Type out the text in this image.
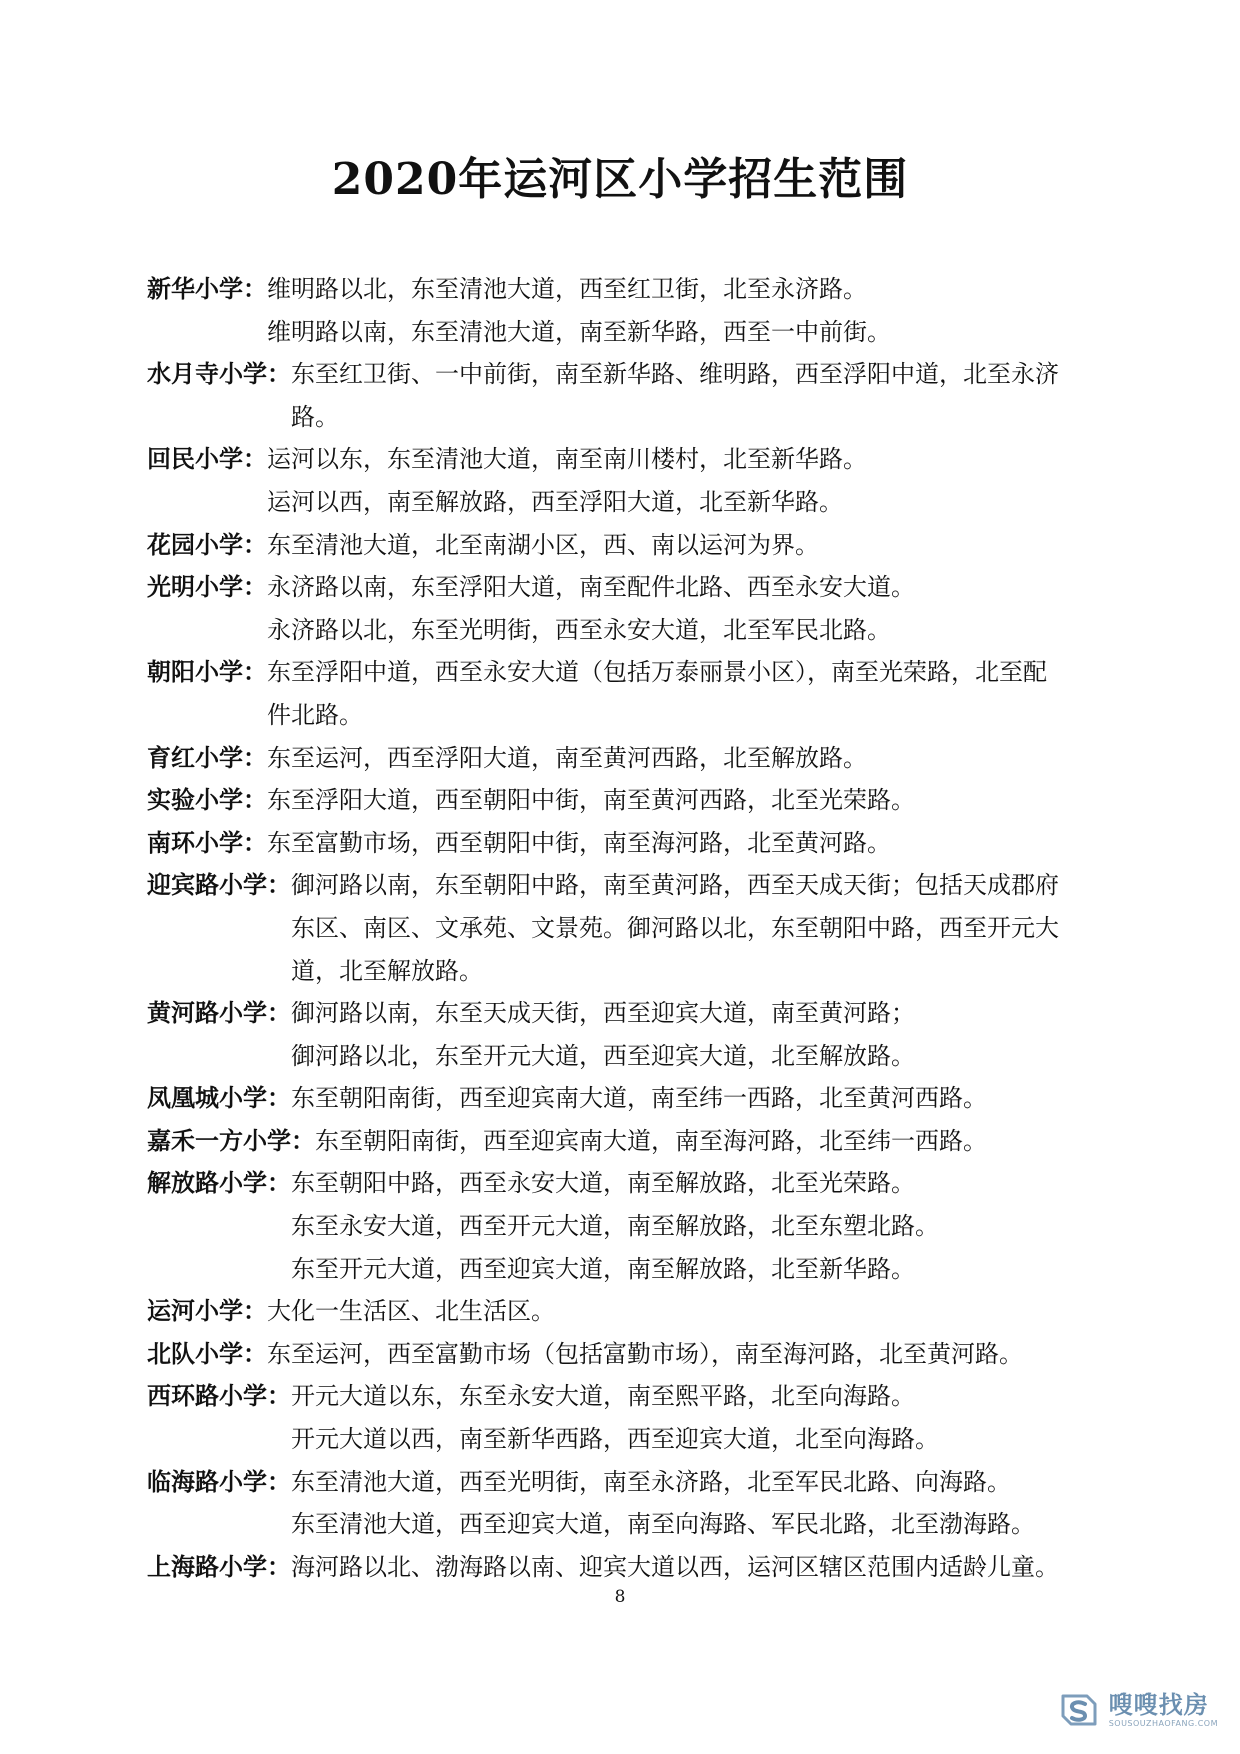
2020年运河区小学招生范围
新华小学：维明路以北，东至清池大道，西至红卫街，北至永济路。
维明路以南，东至清池大道，南至新华路，西至一中前街。
水月寺小学：东至红卫街、一中前街，南至新华路、维明路，西至浮阳中道，北至永济
路。
回民小学：运河以东，东至清池大道，南至南川楼村，北至新华路。
运河以西，南至解放路，西至浮阳大道，北至新华路。
花园小学：东至清池大道，北至南湖小区，西、南以运河为界。
光明小学：永济路以南，东至浮阳大道，南至配件北路、西至永安大道。
永济路以北，东至光明街，西至永安大道，北至军民北路。
朝阳小学：东至浮阳中道，西至永安大道（包括万泰丽景小区），南至光荣路，北至配
件北路。
育红小学：东至运河，西至浮阳大道，南至黄河西路，北至解放路。
实验小学：东至浮阳大道，西至朝阳中街，南至黄河西路，北至光荣路。
南环小学：东至富勤市场，西至朝阳中街，南至海河路，北至黄河路。
迎宾路小学：御河路以南，东至朝阳中路，南至黄河路，西至天成天街；包括天成郡府
东区、南区、文承苑、文景苑。御河路以北，东至朝阳中路，西至开元大
道，北至解放路。
黄河路小学：御河路以南，东至天成天街，西至迎宾大道，南至黄河路；
御河路以北，东至开元大道，西至迎宾大道，北至解放路。
凤凰城小学：东至朝阳南街，西至迎宾南大道，南至纬一西路，北至黄河西路。
嘉禾一方小学：东至朝阳南街，西至迎宾南大道，南至海河路，北至纬一西路。
解放路小学：东至朝阳中路，西至永安大道，南至解放路，北至光荣路。
东至永安大道，西至开元大道，南至解放路，北至东塑北路。
东至开元大道，西至迎宾大道，南至解放路，北至新华路。
运河小学：大化一生活区、北生活区。
北队小学：东至运河，西至富勤市场（包括富勤市场），南至海河路，北至黄河路。
西环路小学：开元大道以东，东至永安大道，南至熙平路，北至向海路。
开元大道以西，南至新华西路，西至迎宾大道，北至向海路。
临海路小学：东至清池大道，西至光明街，南至永济路，北至军民北路、向海路。
东至清池大道，西至迎宾大道，南至向海路、军民北路，北至渤海路。
上海路小学：海河路以北、渤海路以南、迎宾大道以西，运河区辖区范围内适龄儿童。
8
嗖嗖找房
SOUSOUZHAOFANG.COM
